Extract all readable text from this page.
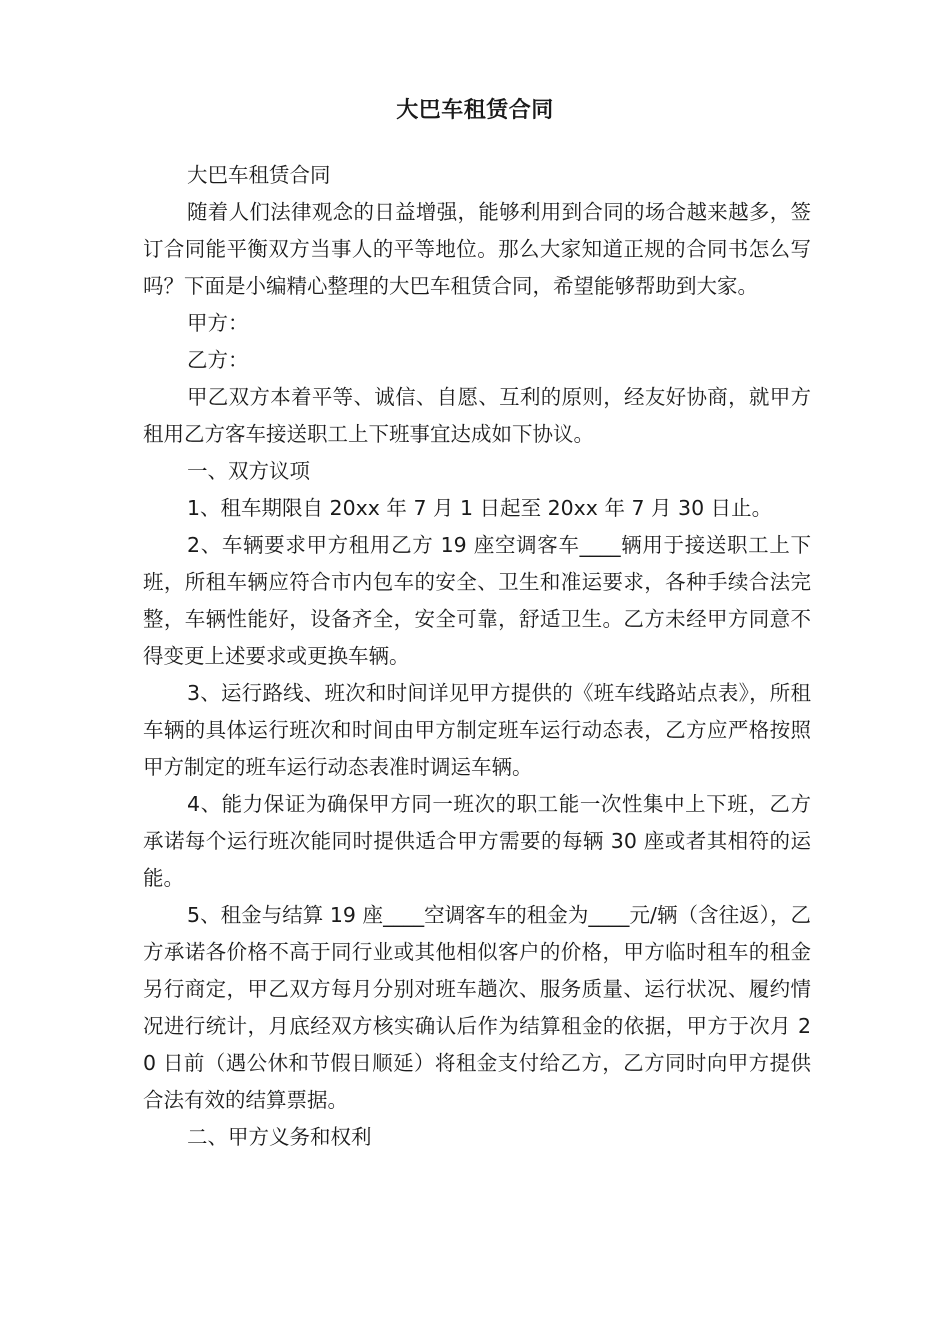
大巴车租赁合同

大巴车租赁合同

随着人们法律观念的日益增强，能够利用到合同的场合越来越多，签订合同能平衡双方当事人的平等地位。那么大家知道正规的合同书怎么写吗？下面是小编精心整理的大巴车租赁合同，希望能够帮助到大家。

甲方：

乙方：

甲乙双方本着平等、诚信、自愿、互利的原则，经友好协商，就甲方租用乙方客车接送职工上下班事宜达成如下协议。

一、双方议项

1、租车期限自 20xx 年 7 月 1 日起至 20xx 年 7 月 30 日止。

2、车辆要求甲方租用乙方 19 座空调客车____辆用于接送职工上下班，所租车辆应符合市内包车的安全、卫生和准运要求，各种手续合法完整，车辆性能好，设备齐全，安全可靠，舒适卫生。乙方未经甲方同意不得变更上述要求或更换车辆。

3、运行路线、班次和时间详见甲方提供的《班车线路站点表》，所租车辆的具体运行班次和时间由甲方制定班车运行动态表，乙方应严格按照甲方制定的班车运行动态表准时调运车辆。

4、能力保证为确保甲方同一班次的职工能一次性集中上下班，乙方承诺每个运行班次能同时提供适合甲方需要的每辆 30 座或者其相符的运能。

5、租金与结算 19 座____空调客车的租金为____元/辆（含往返），乙方承诺各价格不高于同行业或其他相似客户的价格，甲方临时租车的租金另行商定，甲乙双方每月分别对班车趟次、服务质量、运行状况、履约情况进行统计，月底经双方核实确认后作为结算租金的依据，甲方于次月 20 日前（遇公休和节假日顺延）将租金支付给乙方，乙方同时向甲方提供合法有效的结算票据。

二、甲方义务和权利
